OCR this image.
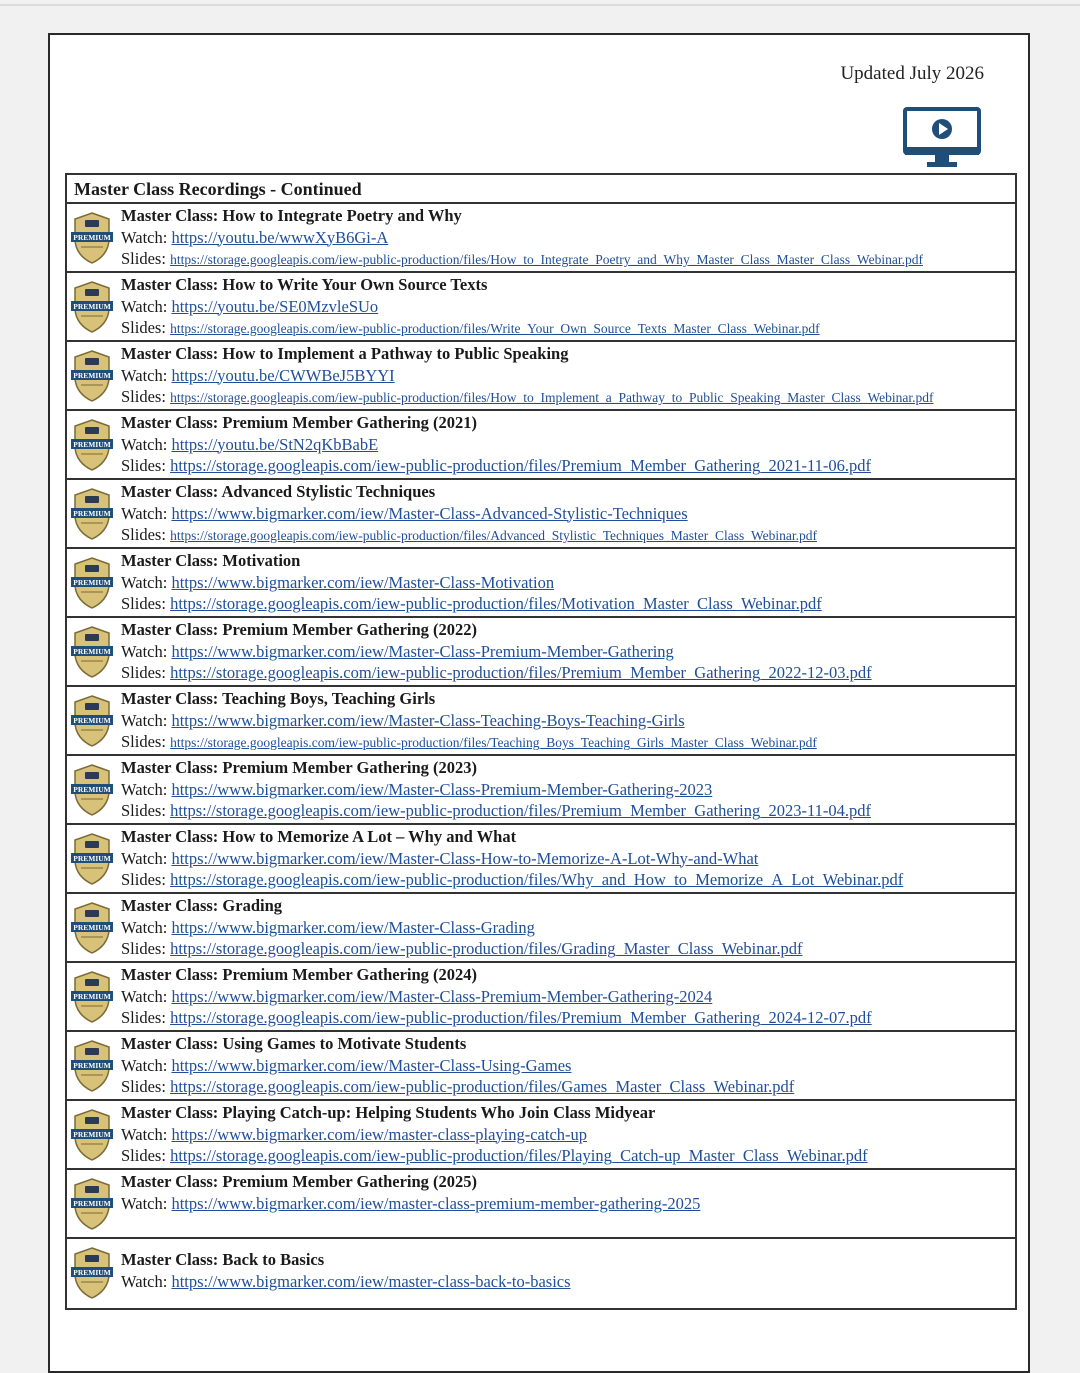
Updated July 2026
Master Class Recordings - Continued
PREMIUM
Master Class: How to Integrate Poetry and Why
Watch: https://youtu.be/wwwXyB6Gi-A
Slides: https://storage.googleapis.com/iew-public-production/files/How_to_Integrate_Poetry_and_Why_Master_Class_Master_Class_Webinar.pdf
PREMIUM
Master Class: How to Write Your Own Source Texts
Watch: https://youtu.be/SE0MzvleSUo
Slides: https://storage.googleapis.com/iew-public-production/files/Write_Your_Own_Source_Texts_Master_Class_Webinar.pdf
PREMIUM
Master Class: How to Implement a Pathway to Public Speaking
Watch: https://youtu.be/CWWBeJ5BYYI
Slides: https://storage.googleapis.com/iew-public-production/files/How_to_Implement_a_Pathway_to_Public_Speaking_Master_Class_Webinar.pdf
PREMIUM
Master Class: Premium Member Gathering (2021)
Watch: https://youtu.be/StN2qKbBabE
Slides: https://storage.googleapis.com/iew-public-production/files/Premium_Member_Gathering_2021-11-06.pdf
PREMIUM
Master Class: Advanced Stylistic Techniques
Watch: https://www.bigmarker.com/iew/Master-Class-Advanced-Stylistic-Techniques
Slides: https://storage.googleapis.com/iew-public-production/files/Advanced_Stylistic_Techniques_Master_Class_Webinar.pdf
PREMIUM
Master Class: Motivation
Watch: https://www.bigmarker.com/iew/Master-Class-Motivation
Slides: https://storage.googleapis.com/iew-public-production/files/Motivation_Master_Class_Webinar.pdf
PREMIUM
Master Class: Premium Member Gathering (2022)
Watch: https://www.bigmarker.com/iew/Master-Class-Premium-Member-Gathering
Slides: https://storage.googleapis.com/iew-public-production/files/Premium_Member_Gathering_2022-12-03.pdf
PREMIUM
Master Class: Teaching Boys, Teaching Girls
Watch: https://www.bigmarker.com/iew/Master-Class-Teaching-Boys-Teaching-Girls
Slides: https://storage.googleapis.com/iew-public-production/files/Teaching_Boys_Teaching_Girls_Master_Class_Webinar.pdf
PREMIUM
Master Class: Premium Member Gathering (2023)
Watch: https://www.bigmarker.com/iew/Master-Class-Premium-Member-Gathering-2023
Slides: https://storage.googleapis.com/iew-public-production/files/Premium_Member_Gathering_2023-11-04.pdf
PREMIUM
Master Class: How to Memorize A Lot – Why and What
Watch: https://www.bigmarker.com/iew/Master-Class-How-to-Memorize-A-Lot-Why-and-What
Slides: https://storage.googleapis.com/iew-public-production/files/Why_and_How_to_Memorize_A_Lot_Webinar.pdf
PREMIUM
Master Class: Grading
Watch: https://www.bigmarker.com/iew/Master-Class-Grading
Slides: https://storage.googleapis.com/iew-public-production/files/Grading_Master_Class_Webinar.pdf
PREMIUM
Master Class: Premium Member Gathering (2024)
Watch: https://www.bigmarker.com/iew/Master-Class-Premium-Member-Gathering-2024
Slides: https://storage.googleapis.com/iew-public-production/files/Premium_Member_Gathering_2024-12-07.pdf
PREMIUM
Master Class: Using Games to Motivate Students
Watch: https://www.bigmarker.com/iew/Master-Class-Using-Games
Slides: https://storage.googleapis.com/iew-public-production/files/Games_Master_Class_Webinar.pdf
PREMIUM
Master Class: Playing Catch-up: Helping Students Who Join Class Midyear
Watch: https://www.bigmarker.com/iew/master-class-playing-catch-up
Slides: https://storage.googleapis.com/iew-public-production/files/Playing_Catch-up_Master_Class_Webinar.pdf
PREMIUM
Master Class: Premium Member Gathering (2025)
Watch: https://www.bigmarker.com/iew/master-class-premium-member-gathering-2025
PREMIUM
Master Class: Back to Basics
Watch: https://www.bigmarker.com/iew/master-class-back-to-basics
